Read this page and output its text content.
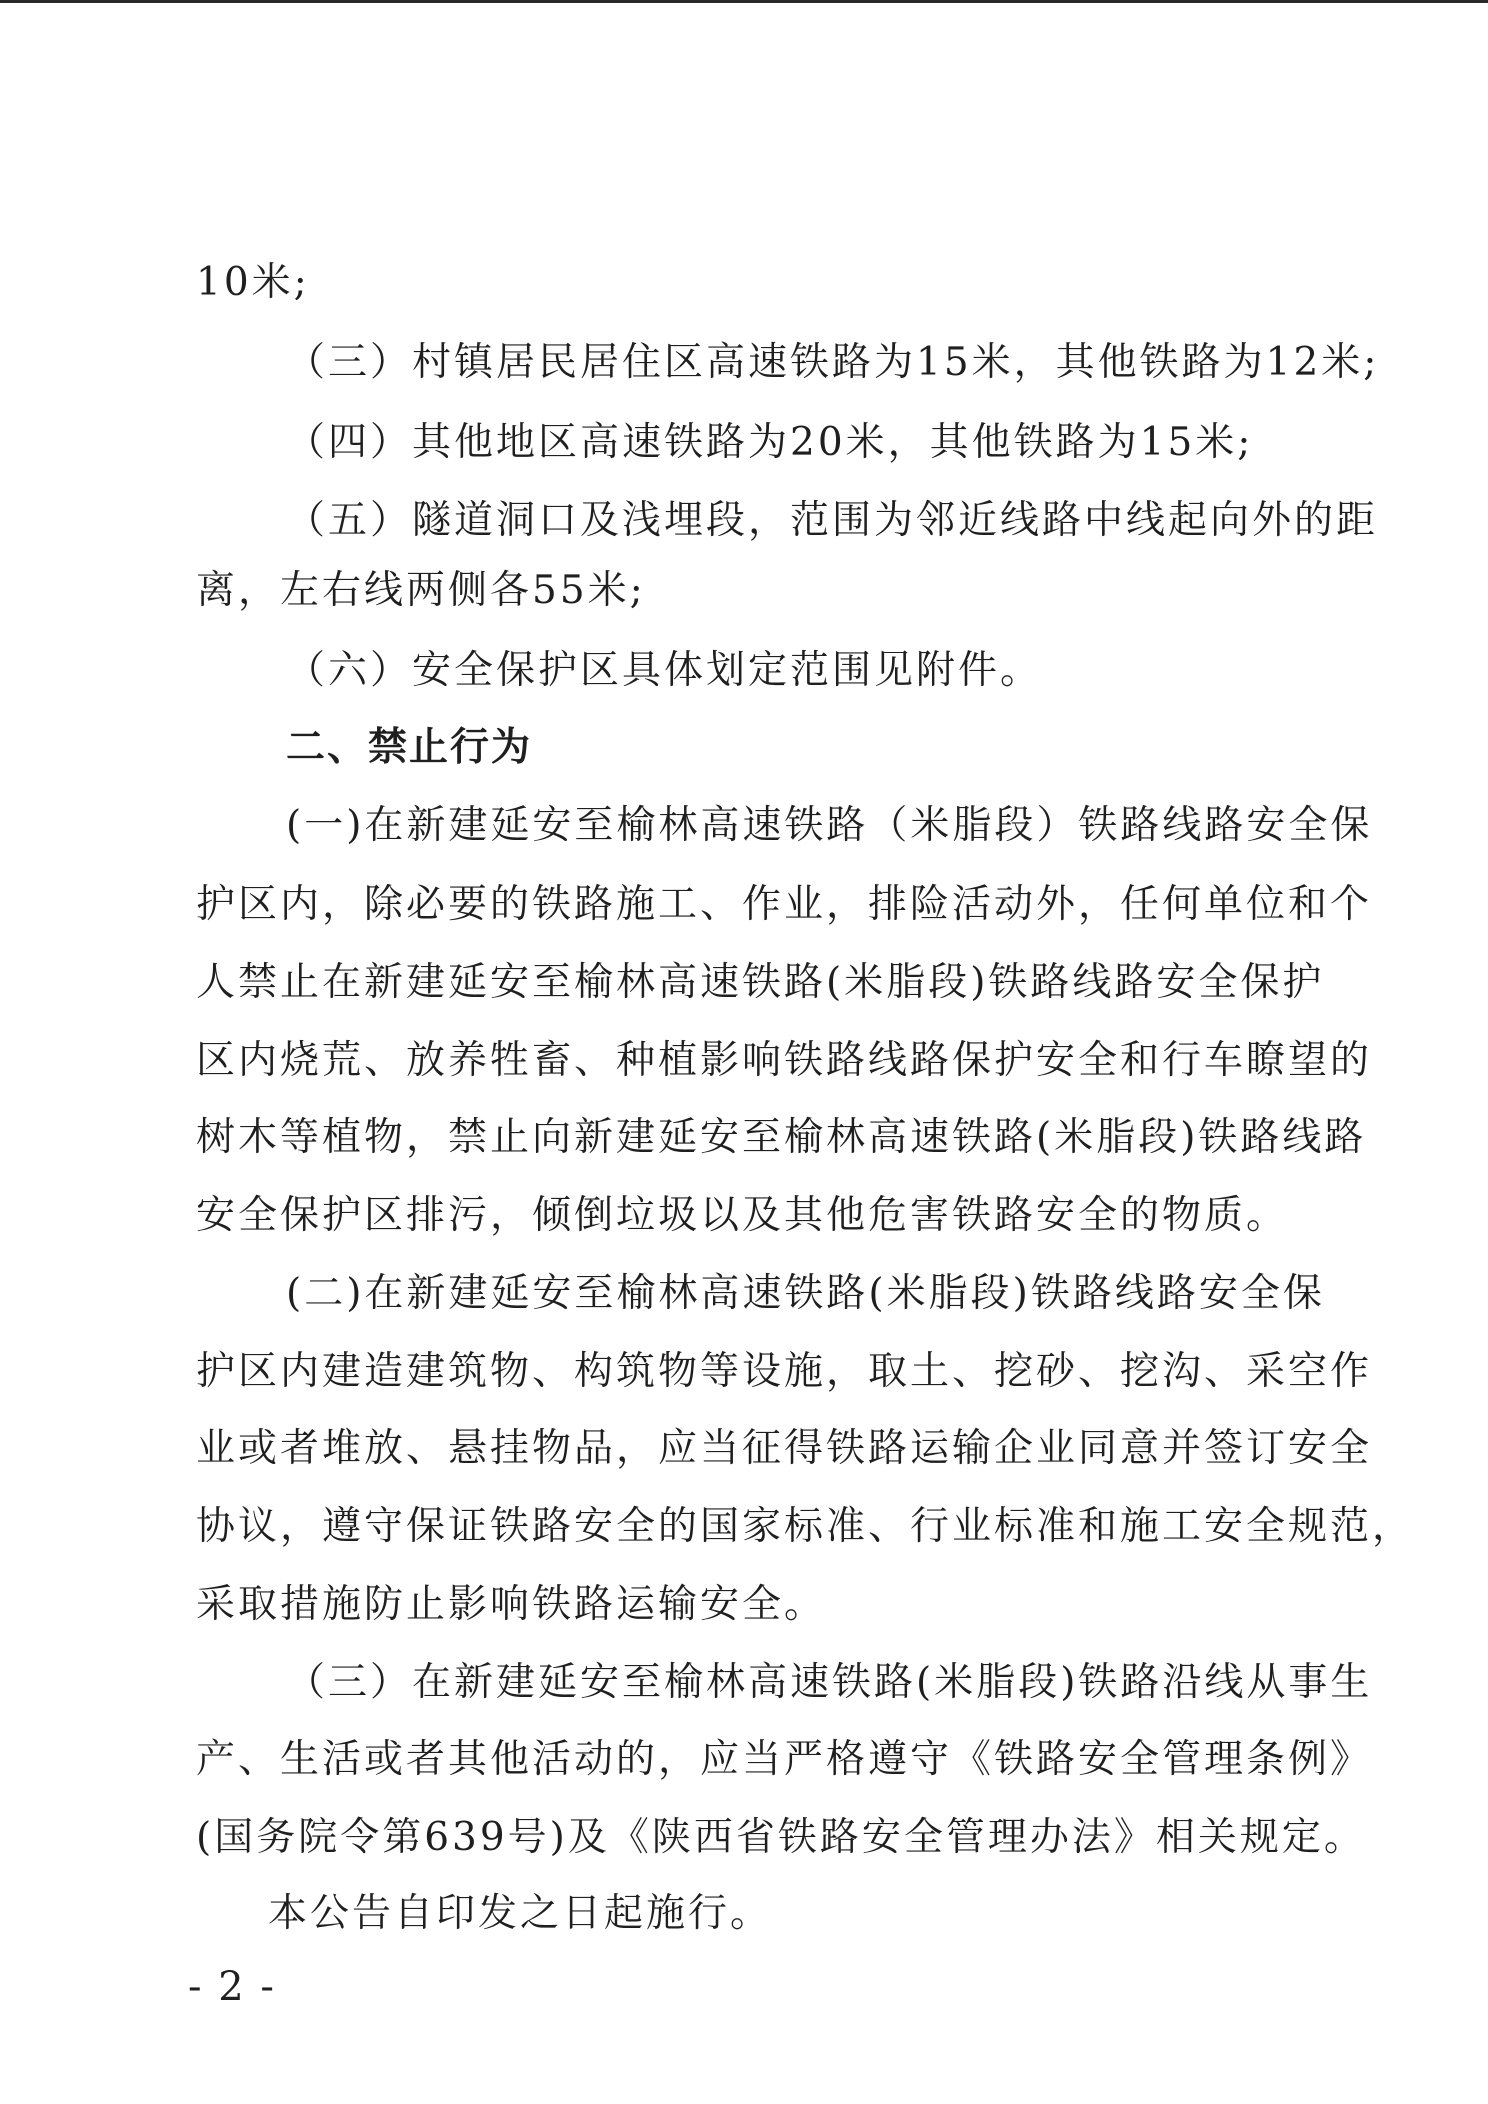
10米;
（三）村镇居民居住区高速铁路为15米，其他铁路为12米;
（四）其他地区高速铁路为20米，其他铁路为15米;
（五）隧道洞口及浅埋段，范围为邻近线路中线起向外的距
离，左右线两侧各55米;
（六）安全保护区具体划定范围见附件。
二、禁止行为
(一)在新建延安至榆林高速铁路（米脂段）铁路线路安全保
护区内，除必要的铁路施工、作业，排险活动外，任何单位和个
人禁止在新建延安至榆林高速铁路(米脂段)铁路线路安全保护
区内烧荒、放养牲畜、种植影响铁路线路保护安全和行车瞭望的
树木等植物，禁止向新建延安至榆林高速铁路(米脂段)铁路线路
安全保护区排污，倾倒垃圾以及其他危害铁路安全的物质。
(二)在新建延安至榆林高速铁路(米脂段)铁路线路安全保
护区内建造建筑物、构筑物等设施，取土、挖砂、挖沟、采空作
业或者堆放、悬挂物品，应当征得铁路运输企业同意并签订安全
协议，遵守保证铁路安全的国家标准、行业标准和施工安全规范，
采取措施防止影响铁路运输安全。
（三）在新建延安至榆林高速铁路(米脂段)铁路沿线从事生
产、生活或者其他活动的，应当严格遵守《铁路安全管理条例》
(国务院令第639号)及《陕西省铁路安全管理办法》相关规定。
本公告自印发之日起施行。
- 2 -
